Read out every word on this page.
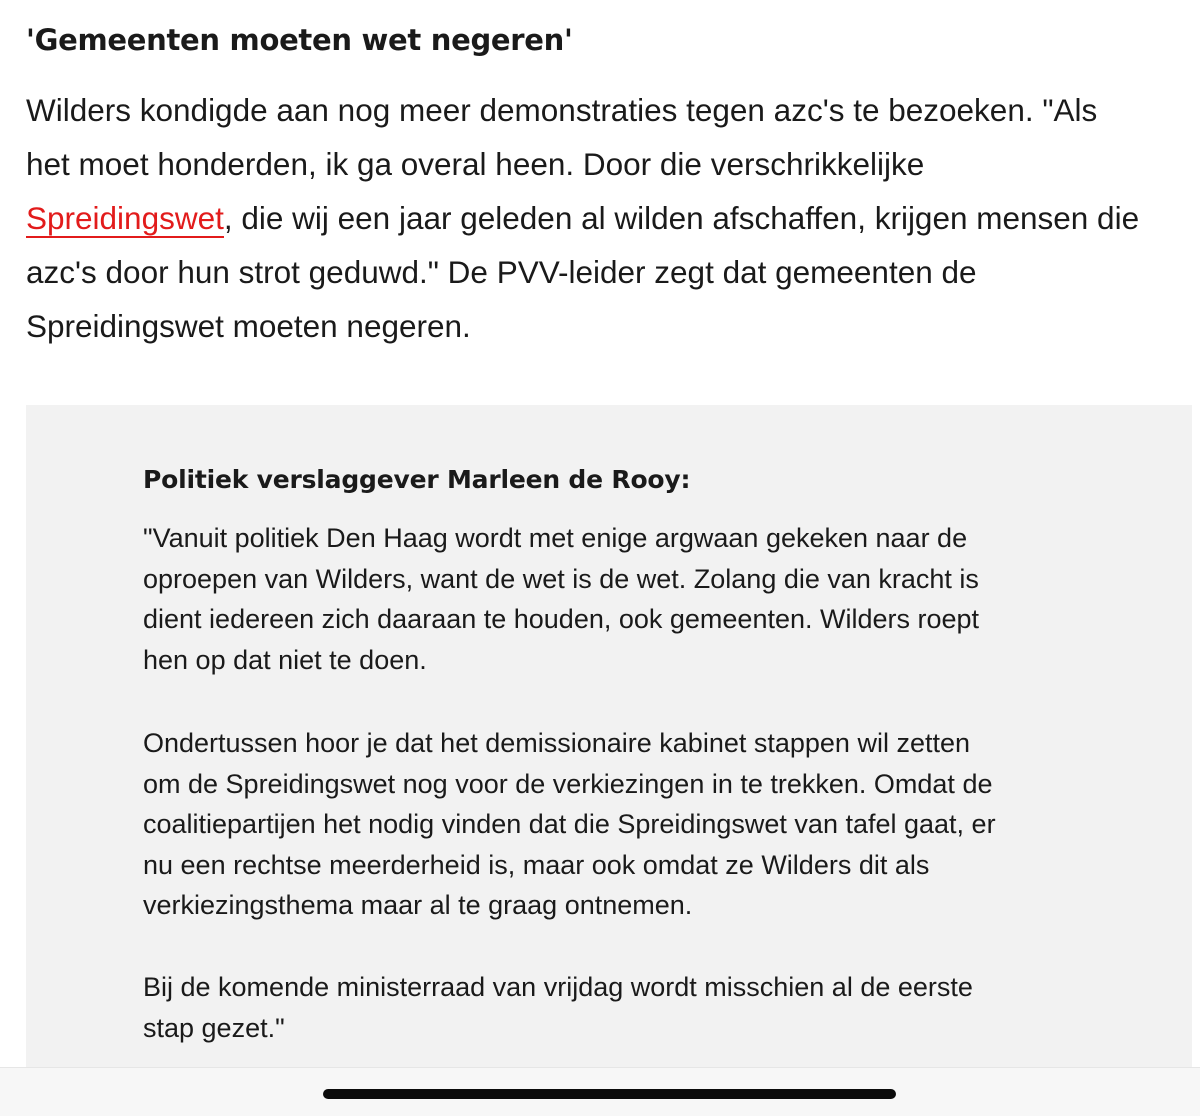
'Gemeenten moeten wet negeren'

Wilders kondigde aan nog meer demonstraties tegen azc's te bezoeken. "Als

het moet honderden, ik ga overal heen. Door die verschrikkelijke

Spreidingswet, die wij een jaar geleden al wilden afschaffen, krijgen mensen die

azc's door hun strot geduwd." De PVV-leider zegt dat gemeenten de

Spreidingswet moeten negeren.

Politiek verslaggever Marleen de Rooy:

"Vanuit politiek Den Haag wordt met enige argwaan gekeken naar de

oproepen van Wilders, want de wet is de wet. Zolang die van kracht is

dient iedereen zich daaraan te houden, ook gemeenten. Wilders roept

hen op dat niet te doen.

Ondertussen hoor je dat het demissionaire kabinet stappen wil zetten

om de Spreidingswet nog voor de verkiezingen in te trekken. Omdat de

coalitiepartijen het nodig vinden dat die Spreidingswet van tafel gaat, er

nu een rechtse meerderheid is, maar ook omdat ze Wilders dit als

verkiezingsthema maar al te graag ontnemen.

Bij de komende ministerraad van vrijdag wordt misschien al de eerste

stap gezet."
